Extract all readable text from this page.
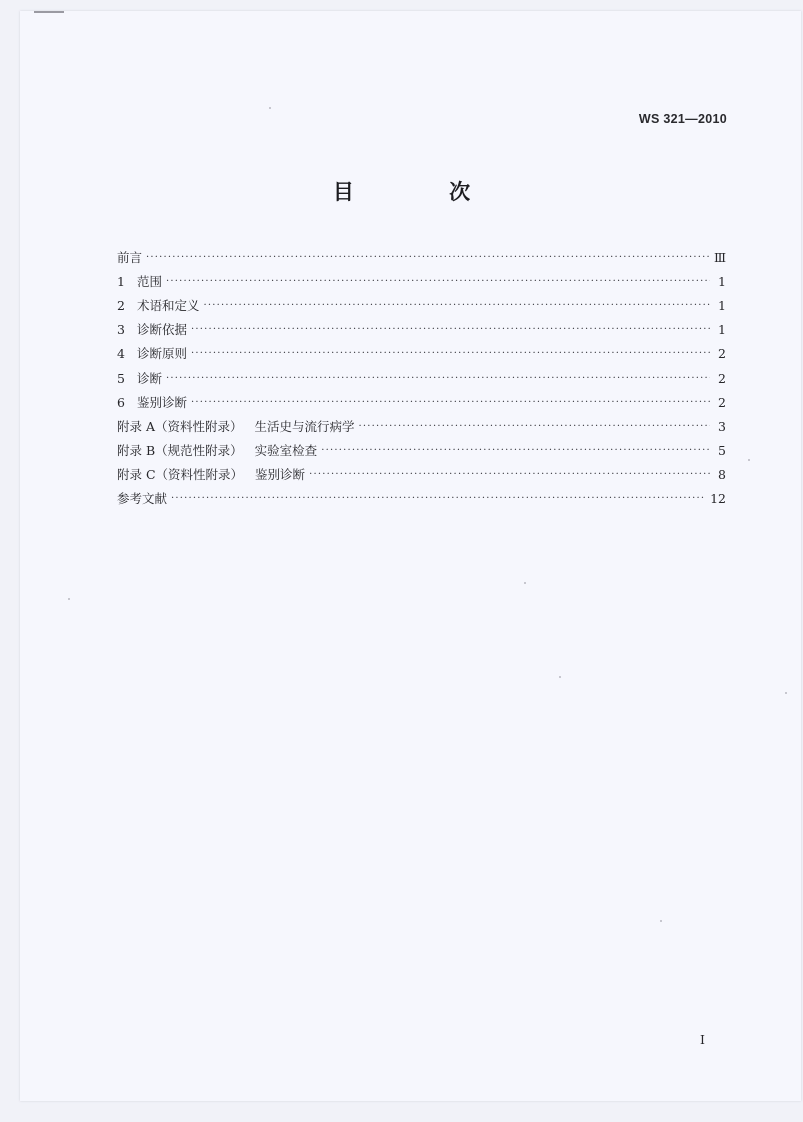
WS 321—2010
目 次
前言 ·····	Ⅲ
1 范围 ·····	1
2 术语和定义 ·····	1
3 诊断依据 ·····	1
4 诊断原则 ·····	2
5 诊断 ·····	2
6 鉴别诊断 ·····	2
附录 A（资料性附录） 生活史与流行病学 ·····	3
附录 B（规范性附录） 实验室检查 ·····	5
附录 C（资料性附录） 鉴别诊断 ·····	8
参考文献 ·····	12
I
